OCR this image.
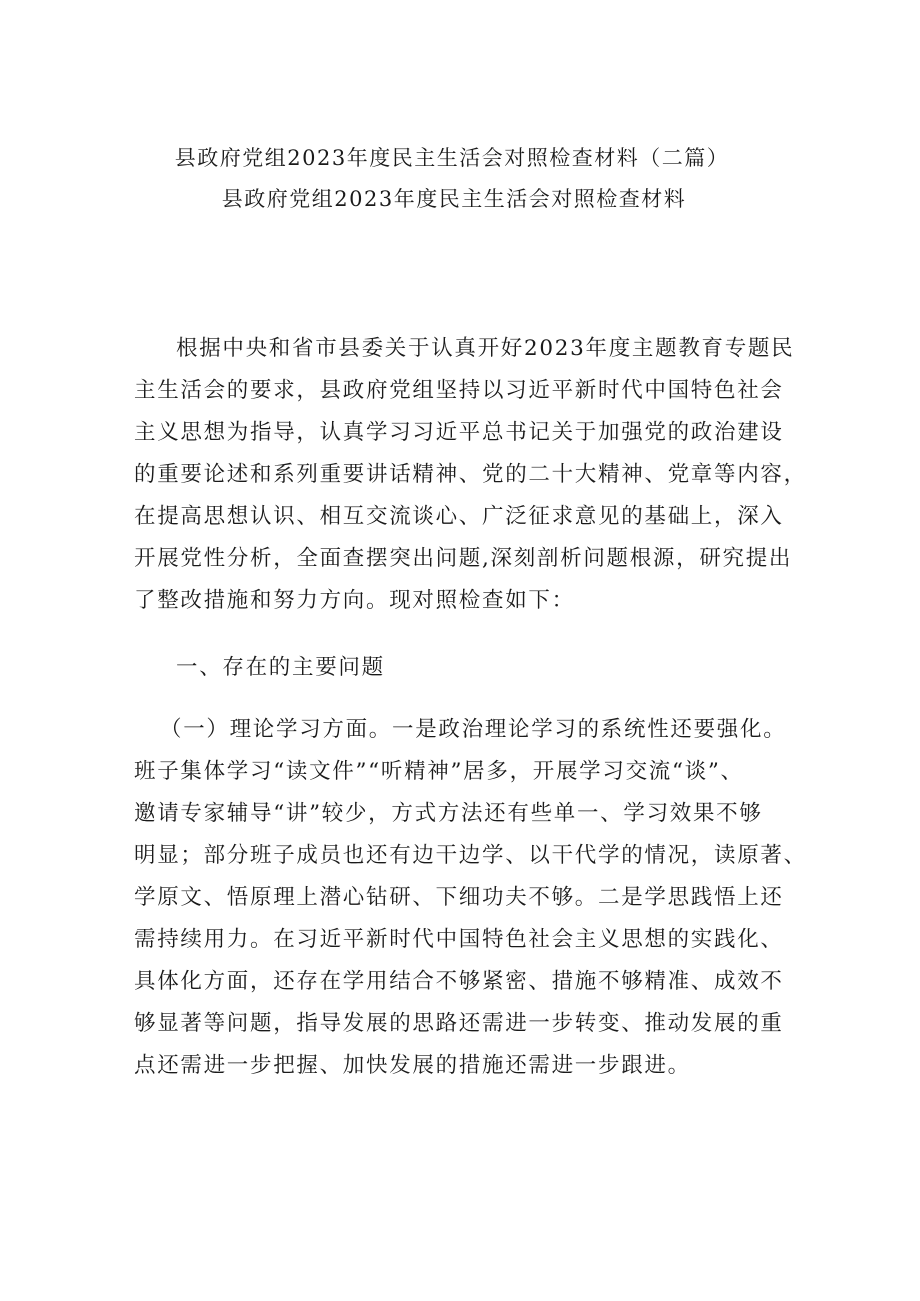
县政府党组2023年度民主生活会对照检查材料（二篇）
县政府党组2023年度民主生活会对照检查材料
根据中央和省市县委关于认真开好2023年度主题教育专题民
主生活会的要求，县政府党组坚持以习近平新时代中国特色社会
主义思想为指导，认真学习习近平总书记关于加强党的政治建设
的重要论述和系列重要讲话精神、党的二十大精神、党章等内容，
在提高思想认识、相互交流谈心、广泛征求意见的基础上，深入
开展党性分析，全面查摆突出问题,深刻剖析问题根源，研究提出
了整改措施和努力方向。现对照检查如下：
一、存在的主要问题
（一）理论学习方面。一是政治理论学习的系统性还要强化。
班子集体学习“读文件”“听精神”居多，开展学习交流“谈”、
邀请专家辅导“讲”较少，方式方法还有些单一、学习效果不够
明显；部分班子成员也还有边干边学、以干代学的情况，读原著、
学原文、悟原理上潜心钻研、下细功夫不够。二是学思践悟上还
需持续用力。在习近平新时代中国特色社会主义思想的实践化、
具体化方面，还存在学用结合不够紧密、措施不够精准、成效不
够显著等问题，指导发展的思路还需进一步转变、推动发展的重
点还需进一步把握、加快发展的措施还需进一步跟进。
